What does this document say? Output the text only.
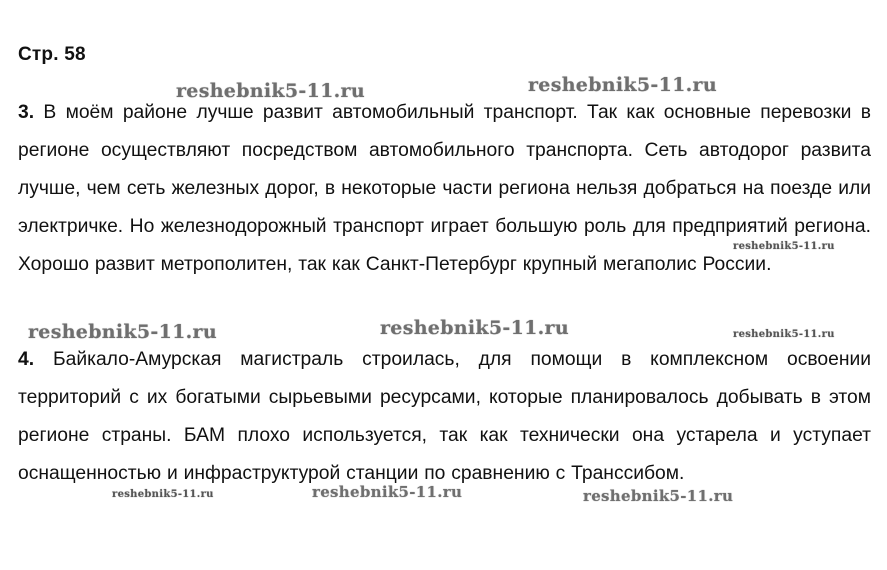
Стр. 58

3. В моём районе лучше развит автомобильный транспорт. Так как основные перевозки в регионе осуществляют посредством автомобильного транспорта. Сеть автодорог развита лучше, чем сеть железных дорог, в некоторые части региона нельзя добраться на поезде или электричке. Но железнодорожный транспорт играет большую роль для предприятий региона. Хорошо развит метрополитен, так как Санкт-Петербург крупный мегаполис России.

4. Байкало-Амурская магистраль строилась, для помощи в комплексном освоении территорий с их богатыми сырьевыми ресурсами, которые планировалось добывать в этом регионе страны. БАМ плохо используется, так как технически она устарела и уступает оснащенностью и инфраструктурой станции по сравнению с Транссибом.

reshebnik5-11.ru	reshebnik5-11.ru
reshebnik5-11.ru
reshebnik5-11.ru	reshebnik5-11.ru	reshebnik5-11.ru
reshebnik5-11.ru	reshebnik5-11.ru	reshebnik5-11.ru
